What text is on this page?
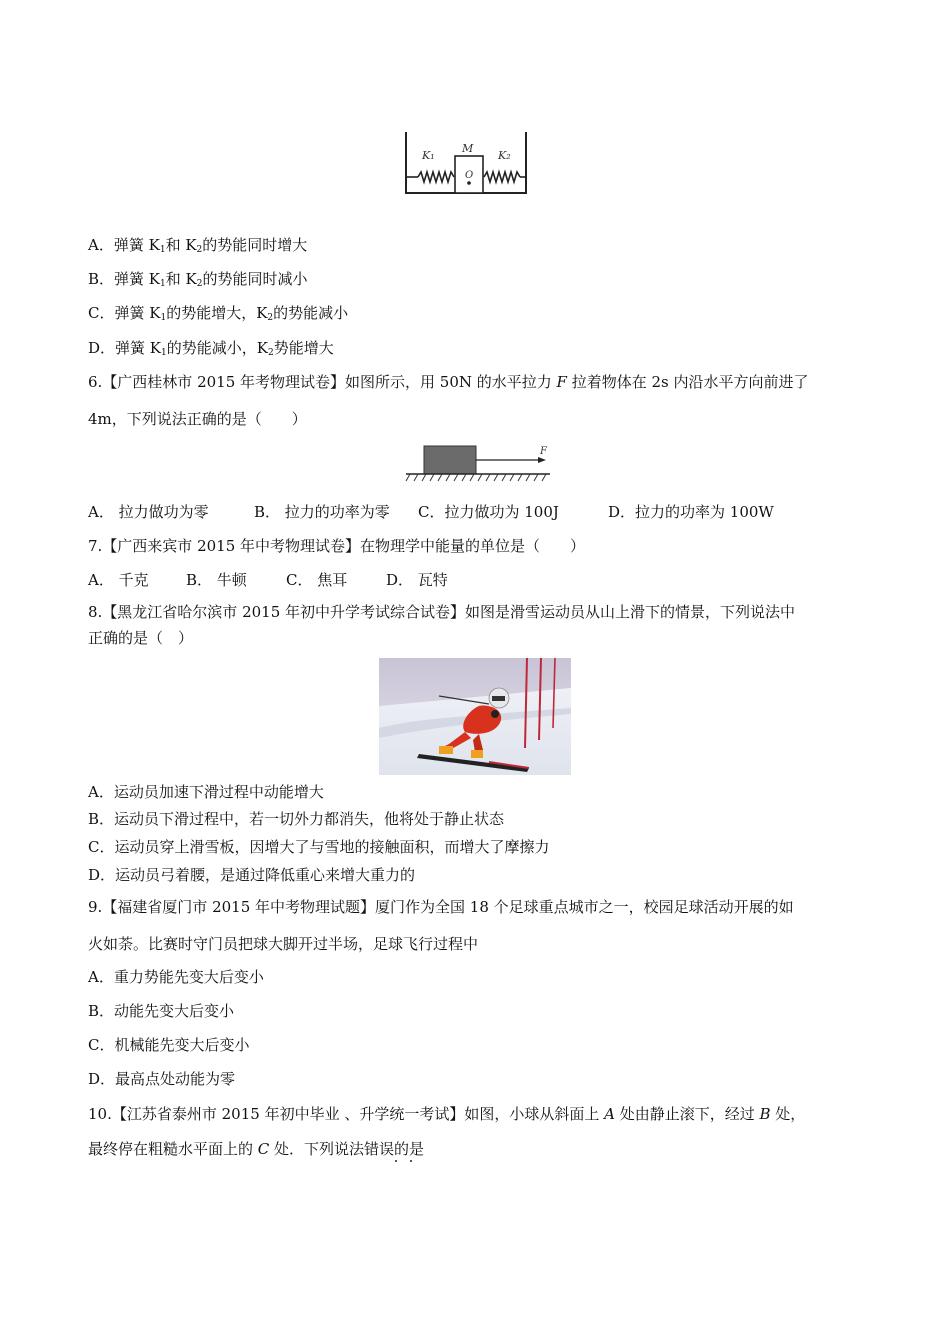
K₁
M
O
K₂
A．弹簧 $K_1$和 $K_2$的势能同时增大
B．弹簧 $K_1$和 $K_2$的势能同时减小
C．弹簧 $K_1$的势能增大，$K_2$的势能减小
D．弹簧 $K_1$的势能减小，$K_2$势能增大
6.【广西桂林市 2015 年考物理试卷】如图所示，用 50N 的水平拉力 F 拉着物体在 2s 内沿水平方向前进了
4m，下列说法正确的是（　　）
F
A． 拉力做功为零	B． 拉力的功率为零 C．拉力做功为 100J	D．拉力的功率为 100W
7.【广西来宾市 2015 年中考物理试卷】在物理学中能量的单位是（　　）
A． 千克 B． 牛顿	C． 焦耳	D． 瓦特
8.【黑龙江省哈尔滨市 2015 年初中升学考试综合试卷】如图是滑雪运动员从山上滑下的情景，下列说法中
正确的是（　）
A．运动员加速下滑过程中动能增大
B．运动员下滑过程中，若一切外力都消失，他将处于静止状态
C．运动员穿上滑雪板，因增大了与雪地的接触面积，而增大了摩擦力
D．运动员弓着腰，是通过降低重心来增大重力的
9.【福建省厦门市 2015 年中考物理试题】厦门作为全国 18 个足球重点城市之一，校园足球活动开展的如
火如荼。比赛时守门员把球大脚开过半场，足球飞行过程中
A．重力势能先变大后变小
B．动能先变大后变小
C．机械能先变大后变小
D．最高点处动能为零
10.【江苏省泰州市 2015 年初中毕业 、升学统一考试】如图，小球从斜面上 A 处由静止滚下，经过 B 处，
最终停在粗糙水平面上的 C 处．下列说法错误的是
